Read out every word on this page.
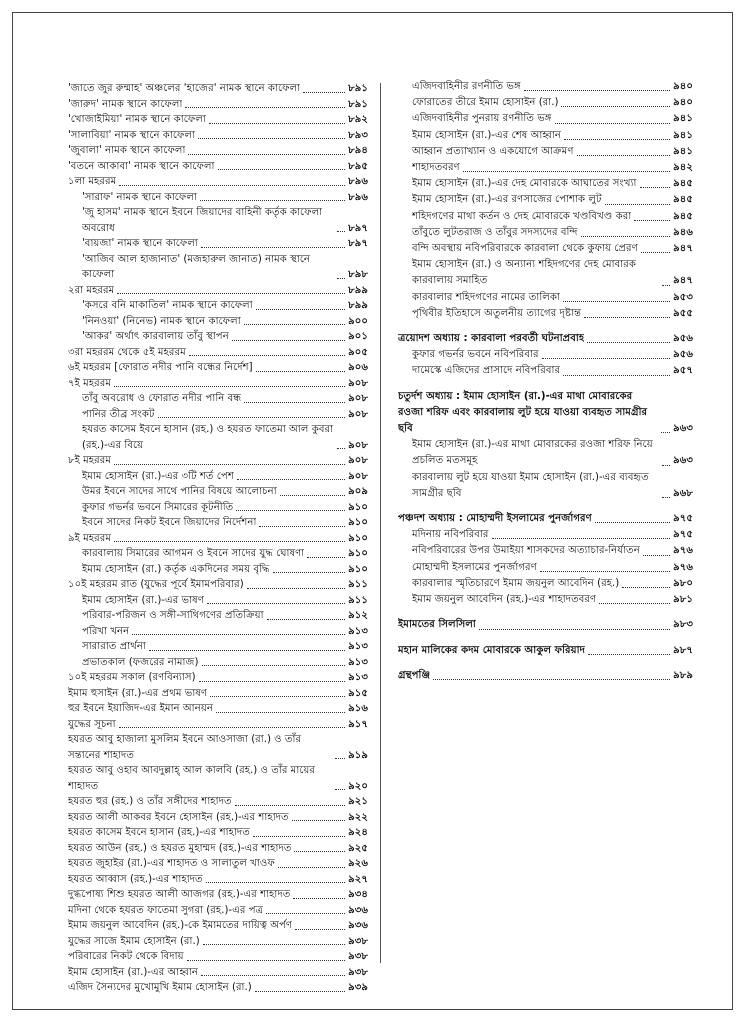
'জাতে জুর রুম্মাহ' অঞ্চলের 'হাজের' নামক স্থানে কাফেলা	৮৯১
'জারুদ' নামক স্থানে কাফেলা	৮৯১
'খোজাইমিয়া' নামক স্থানে কাফেলা	৮৯২
'সালাবিয়া' নামক স্থানে কাফেলা	৮৯৩
'জুবালা' নামক স্থানে কাফেলা	৮৯৪
'বতনে আকাবা' নামক স্থানে কাফেলা	৮৯৫
১লা মহররম	৮৯৬
'সারাফ' নামক স্থানে কাফেলা	৮৯৬
'জু হাসম' নামক স্থানে ইবনে জিয়াদের বাহিনী কর্তৃক কাফেলা অবরোধ	৮৯৭
'বায়জা' নামক স্থানে কাফেলা	৮৯৭
'আজিব আল হাজানাত' (মজহারুল জানাত) নামক স্থানে কাফেলা	৮৯৮
২রা মহররম	৮৯৯
'কসরে বনি মাকাতিল' নামক স্থানে কাফেলা	৮৯৯
'নিনওয়া' (নিনেভ) নামক স্থানে কাফেলা	৯০০
'আকর' অর্থাৎ কারবালায় তাঁবু স্থাপন	৯০১
৩রা মহররম থেকে ৫ই মহররম	৯০৫
৬ই মহররম [ফোরাত নদীর পানি বন্ধের নির্দেশ]	৯০৬
৭ই মহররম	৯০৮
তাঁবু অবরোধ ও ফোরাত নদীর পানি বন্ধ	৯০৮
পানির তীব্র সংকট	৯০৮
হযরত কাসেম ইবনে হাসান (রহ.) ও হযরত ফাতেমা আল কুবরা (রহ.)-এর বিয়ে	৯০৮
৮ই মহররম	৯০৮
ইমাম হোসাইন (রা.)-এর ৩টি শর্ত পেশ	৯০৮
উমর ইবনে সাদের সাথে পানির বিষয়ে আলোচনা	৯০৯
কুফার গভর্নর ভবনে সিমারের কূটনীতি	৯১০
ইবনে সাদের নিকট ইবনে জিয়াদের নির্দেশনা	৯১০
৯ই মহররম	৯১০
কারবালায় সিমারের আগমন ও ইবনে সাদের যুদ্ধ ঘোষণা	৯১০
ইমাম হোসাইন (রা.) কর্তৃক একদিনের সময় বৃদ্ধি	৯১০
১০ই মহররম রাত (যুদ্ধের পূর্বে ইমামপরিবার)	৯১১
ইমাম হোসাইন (রা.)-এর ভাষণ	৯১১
পরিবার-পরিজন ও সঙ্গী-সাথিগণের প্রতিক্রিয়া	৯১২
পরিখা খনন	৯১৩
সারারাত প্রার্থনা	৯১৩
প্রভাতকাল (ফজরের নামাজ)	৯১৩
১০ই মহররম সকাল (রণবিন্যাস)	৯১৩
ইমাম হুসাইন (রা.)-এর প্রথম ভাষণ	৯১৫
হুর ইবনে ইয়াজিদ-এর ইমান আনয়ন	৯১৬
যুদ্ধের সূচনা	৯১৭
হযরত আবু হাজালা মুসলিম ইবনে আওসাজা (রা.) ও তাঁর সন্তানের শাহাদত	৯১৯
হযরত আবু ওহাব আবদুল্লাহ্ আল কালবি (রহ.) ও তাঁর মায়ের শাহাদত	৯২০
হযরত হুর (রহ.) ও তাঁর সঙ্গীদের শাহাদত	৯২১
হযরত আলী আকবর ইবনে হোসাইন (রহ.)-এর শাহাদত	৯২২
হযরত কাসেম ইবনে হাসান (রহ.)-এর শাহাদত	৯২৪
হযরত আউন (রহ.) ও হযরত মুহাম্মদ (রহ.)-এর শাহাদত	৯২৫
হযরত জুহাইর (রা.)-এর শাহাদত ও সালাতুল খাওফ	৯২৬
হযরত আব্বাস (রহ.)-এর শাহাদত	৯২৭
দুগ্ধপোষ্য শিশু হযরত আলী আজগর (রহ.)-এর শাহাদত	৯৩৪
মদিনা থেকে হযরত ফাতেমা সুগরা (রহ.)-এর পত্র	৯৩৬
ইমাম জয়নুল আবেদিন (রহ.)-কে ইমামতের দায়িত্ব অর্পণ	৯৩৬
যুদ্ধের সাজে ইমাম হোসাইন (রা.)	৯৩৮
পরিবারের নিকট থেকে বিদায়	৯৩৮
ইমাম হোসাইন (রা.)-এর আহ্বান	৯৩৮
এজিদ সৈন্যদের মুখোমুখি ইমাম হোসাইন (রা.)	৯৩৯
এজিদবাহিনীর রণনীতি ভঙ্গ	৯৪০
ফোরাতের তীরে ইমাম হোসাইন (রা.)	৯৪০
এজিদবাহিনীর পুনরায় রণনীতি ভঙ্গ	৯৪১
ইমাম হোসাইন (রা.)-এর শেষ আহ্বান	৯৪১
আহ্বান প্রত্যাখ্যান ও একযোগে আক্রমণ	৯৪১
শাহাদতবরণ	৯৪২
ইমাম হোসাইন (রা.)-এর দেহ মোবারকে আঘাতের সংখ্যা	৯৪৫
ইমাম হোসাইন (রা.)-এর রণসাজের পোশাক লুট	৯৪৫
শহিদগণের মাথা কর্তন ও দেহ মোবারকে খণ্ডবিখণ্ড করা	৯৪৫
তাঁবুতে লুটতরাজ ও তাঁবুর সদস্যদের বন্দি	৯৪৬
বন্দি অবস্থায় নবিপরিবারকে কারবালা থেকে কুফায় প্রেরণ	৯৪৭
ইমাম হোসাইন (রা.) ও অন্যান্য শহিদগণের দেহ মোবারক কারবালায় সমাহিত	৯৪৭
কারবালার শহিদগণের নামের তালিকা	৯৫৩
পৃথিবীর ইতিহাসে অতুলনীয় ত্যাগের দৃষ্টান্ত	৯৫৫
ত্রয়োদশ অধ্যায় : কারবালা পরবর্তী ঘটনাপ্রবাহ	৯৫৬
কুফার গভর্নর ভবনে নবিপরিবার	৯৫৬
দামেস্কে এজিদের প্রাসাদে নবিপরিবার	৯৫৭
চতুর্দশ অধ্যায় : ইমাম হোসাইন (রা.)-এর মাথা মোবারকের রওজা শরিফ এবং কারবালায় লুট হয়ে যাওয়া ব্যবহৃত সামগ্রীর ছবি	৯৬৩
ইমাম হোসাইন (রা.)-এর মাথা মোবারকের রওজা শরিফ নিয়ে প্রচলিত মতসমূহ	৯৬৩
কারবালায় লুট হয়ে যাওয়া ইমাম হোসাইন (রা.)-এর ব্যবহৃত সামগ্রীর ছবি	৯৬৮
পঞ্চদশ অধ্যায় : মোহাম্মদী ইসলামের পুনর্জাগরণ	৯৭৫
মদিনায় নবিপরিবার	৯৭৫
নবিপরিবারের উপর উমাইয়া শাসকদের অত্যাচার-নির্যাতন	৯৭৬
মোহাম্মদী ইসলামের পুনর্জাগরণ	৯৭৬
কারবালার স্মৃতিচারণে ইমাম জয়নুল আবেদিন (রহ.)	৯৮০
ইমাম জয়নুল আবেদিন (রহ.)-এর শাহাদতবরণ	৯৮১
ইমামতের সিলসিলা	৯৮৩
মহান মালিকের কদম মোবারকে আকুল ফরিয়াদ	৯৮৭
গ্রন্থপঞ্জি	৯৮৯
